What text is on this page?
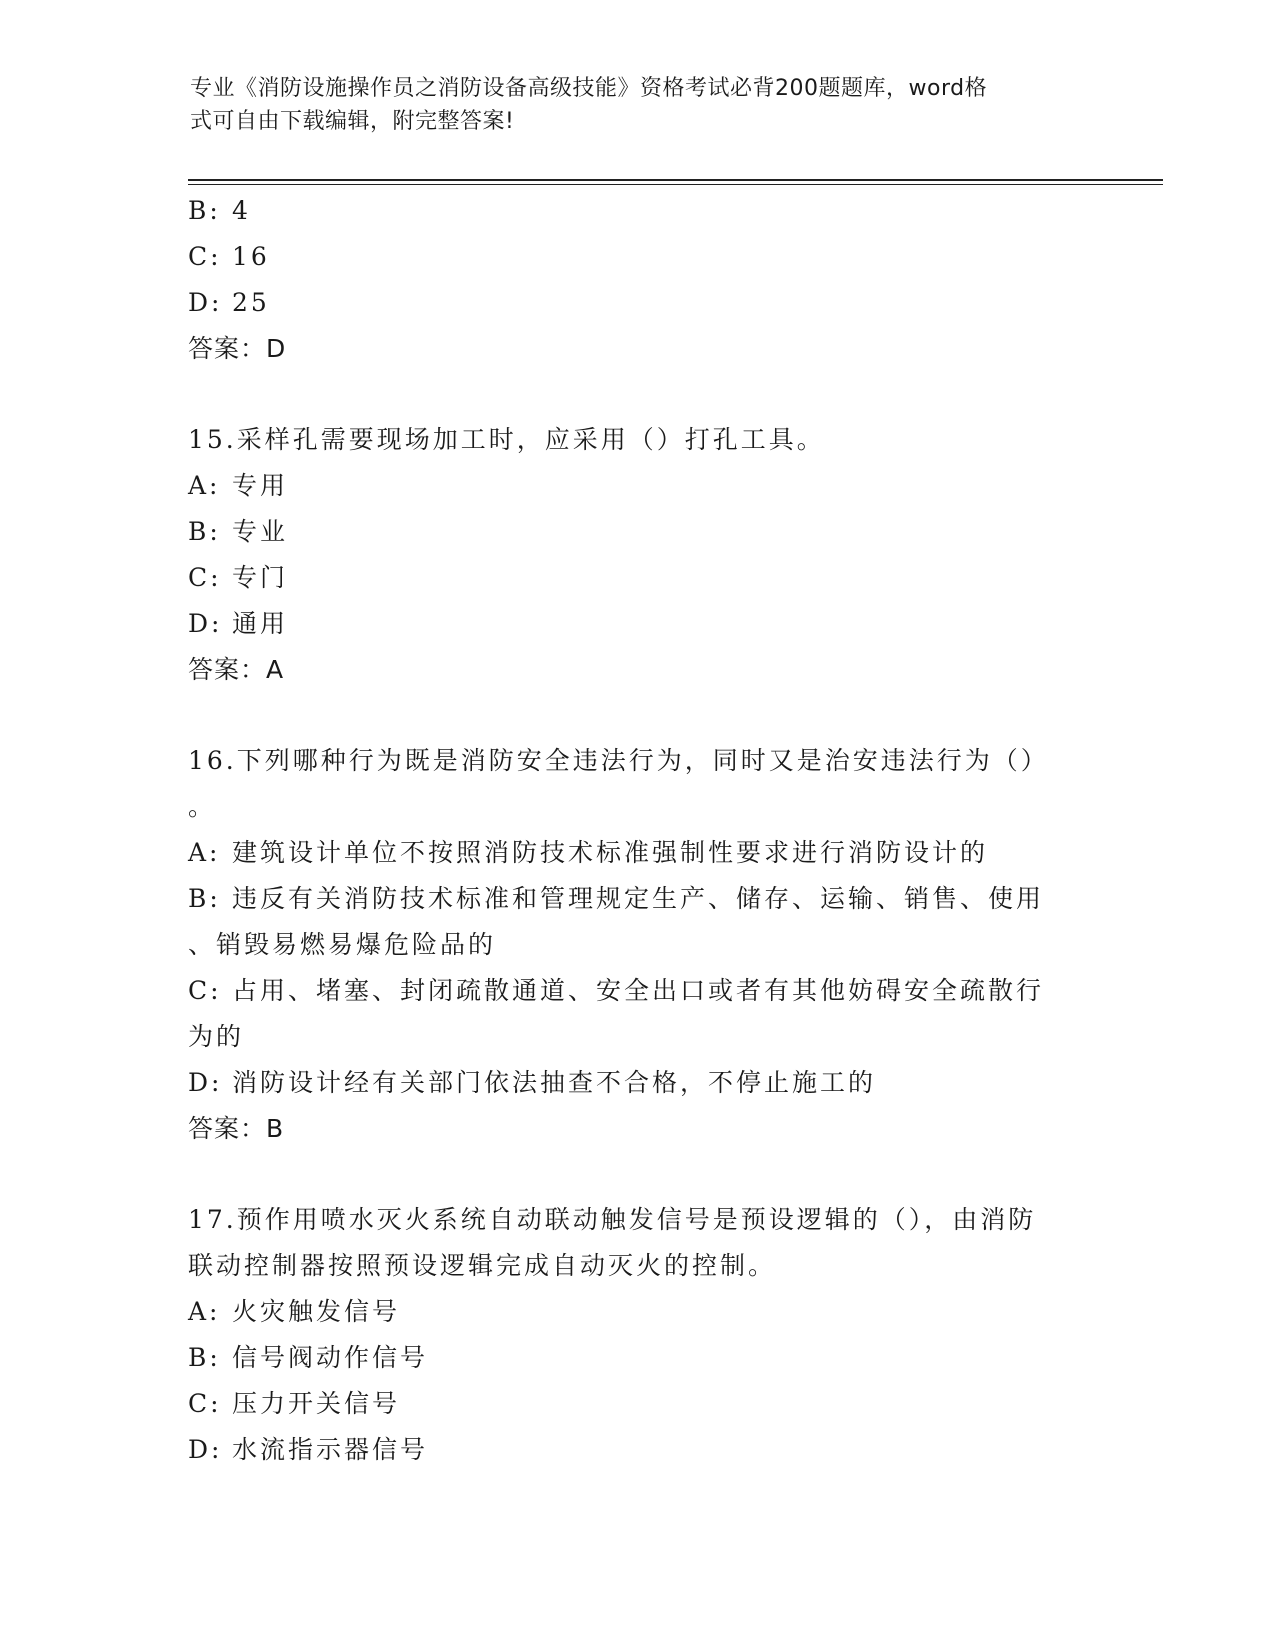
专业《消防设施操作员之消防设备高级技能》资格考试必背200题题库，word格
式可自由下载编辑，附完整答案!
B: 4
C: 16
D: 25
答案：D
15.采样孔需要现场加工时，应采用（）打孔工具。
A: 专用
B: 专业
C: 专门
D: 通用
答案：A
16.下列哪种行为既是消防安全违法行为，同时又是治安违法行为（）
。
A: 建筑设计单位不按照消防技术标准强制性要求进行消防设计的
B: 违反有关消防技术标准和管理规定生产、储存、运输、销售、使用
、销毁易燃易爆危险品的
C: 占用、堵塞、封闭疏散通道、安全出口或者有其他妨碍安全疏散行
为的
D: 消防设计经有关部门依法抽查不合格，不停止施工的
答案：B
17.预作用喷水灭火系统自动联动触发信号是预设逻辑的（），由消防
联动控制器按照预设逻辑完成自动灭火的控制。
A: 火灾触发信号
B: 信号阀动作信号
C: 压力开关信号
D: 水流指示器信号
